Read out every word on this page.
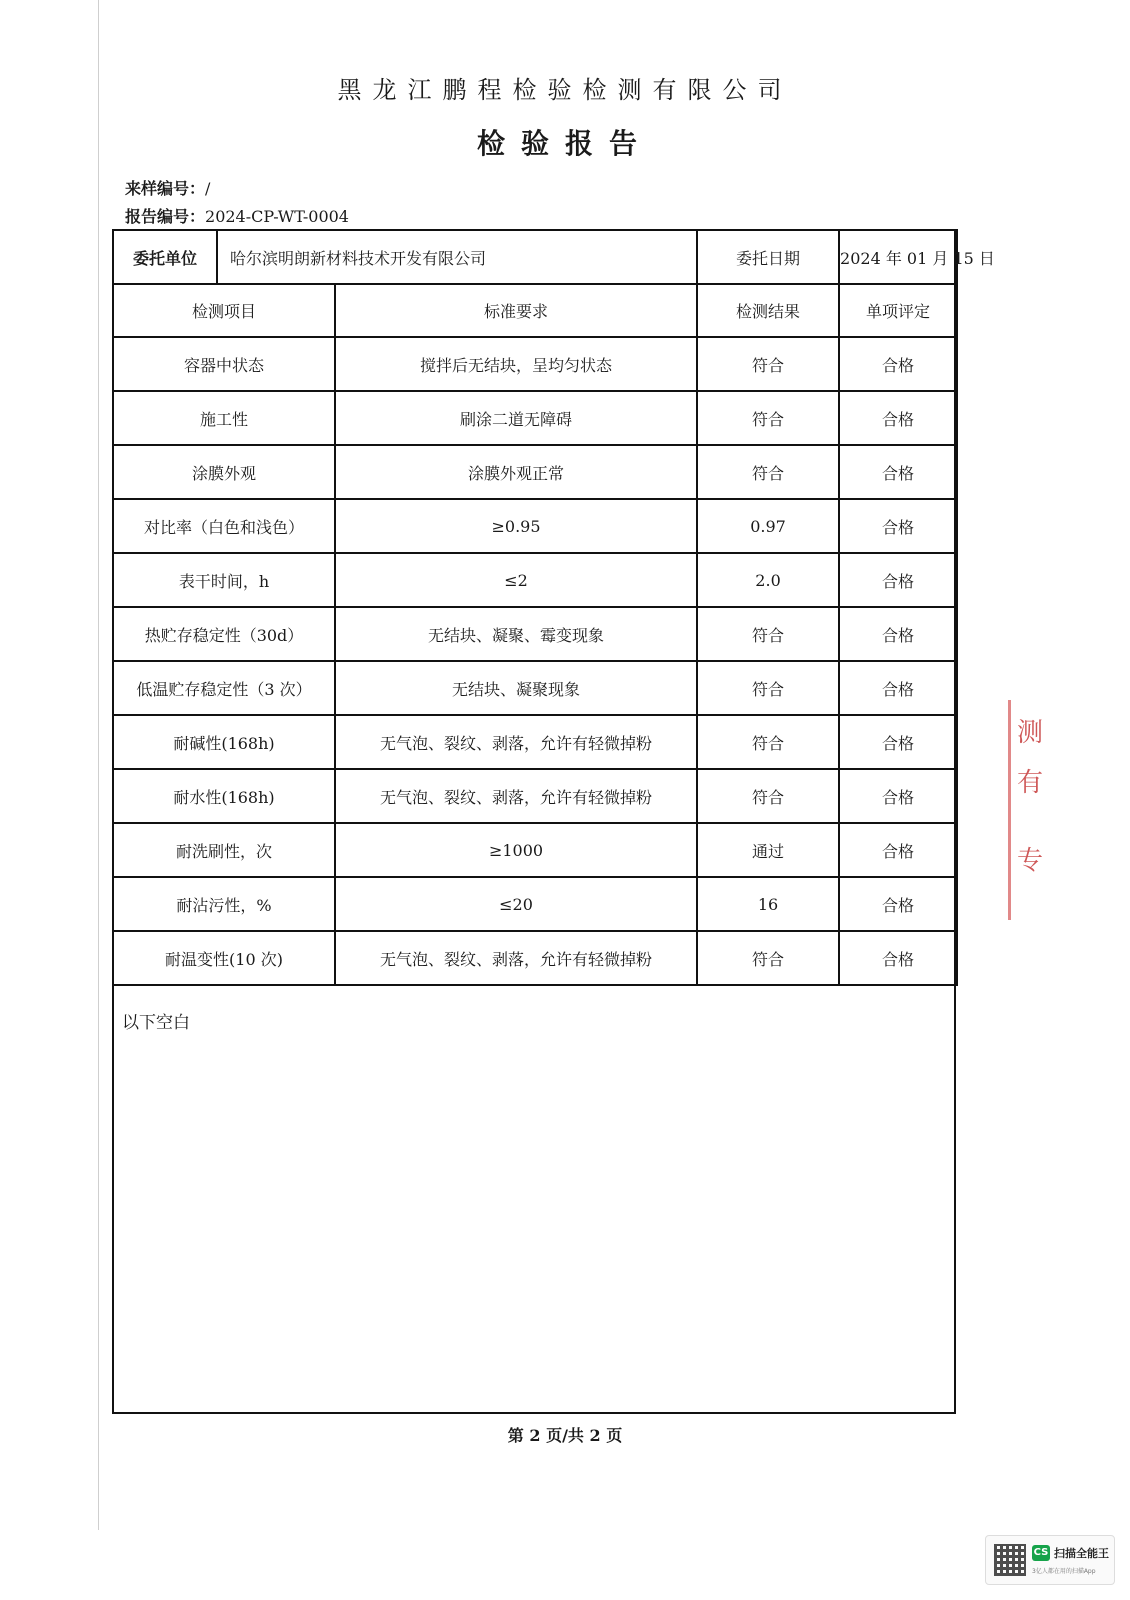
黑龙江鹏程检验检测有限公司
检验报告
来样编号：/
报告编号：2024-CP-WT-0004
委托单位	哈尔滨明朗新材料技术开发有限公司		委托日期	2024 年 01 月 15 日
检测项目		标准要求	检测结果	单项评定
容器中状态		搅拌后无结块，呈均匀状态	符合	合格
施工性		刷涂二道无障碍	符合	合格
涂膜外观		涂膜外观正常	符合	合格
对比率（白色和浅色）		≥0.95	0.97	合格
表干时间，h		≤2	2.0	合格
热贮存稳定性（30d）		无结块、凝聚、霉变现象	符合	合格
低温贮存稳定性（3 次）		无结块、凝聚现象	符合	合格
耐碱性(168h)		无气泡、裂纹、剥落，允许有轻微掉粉	符合	合格
耐水性(168h)		无气泡、裂纹、剥落，允许有轻微掉粉	符合	合格
耐洗刷性，次		≥1000	通过	合格
耐沾污性，%		≤20	16	合格
耐温变性(10 次)		无气泡、裂纹、剥落，允许有轻微掉粉	符合	合格
以下空白
第 2 页/共 2 页
测
有
专
CS 扫描全能王
3亿人都在用的扫描App
